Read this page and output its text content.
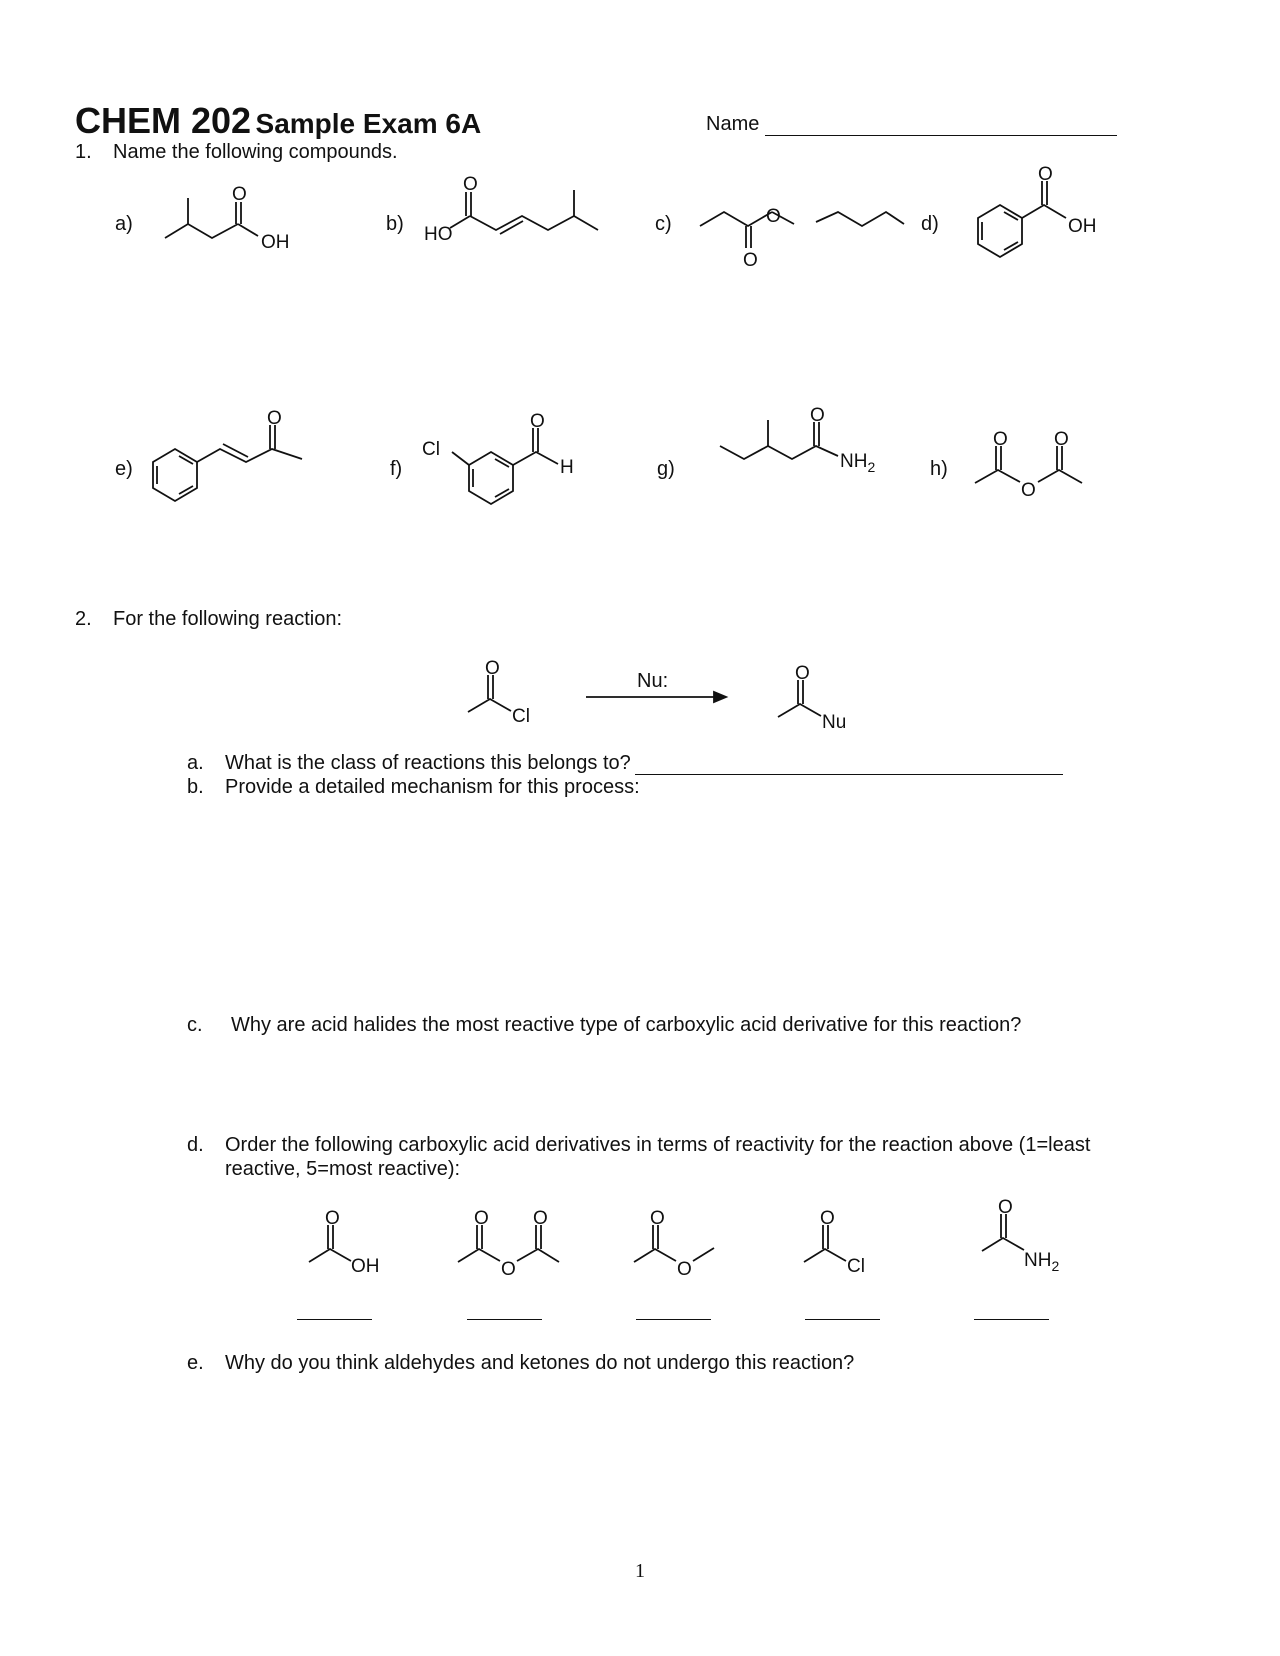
CHEM 202 Sample Exam 6A	Name
1. Name the following compounds.
a)	b)	c)	d)
e)	f)	g)	h)
O
OH	HO
O
O
O
O
OH
O
Cl
O
H
O
$NH_2$
O O
O
2. For the following reaction:
O
Cl
Nu:	O
Nu
a. What is the class of reactions this belongs to?
b. Provide a detailed mechanism for this process:
c. Why are acid halides the most reactive type of carboxylic acid derivative for this reaction?
d. Order the following carboxylic acid derivatives in terms of reactivity for the reaction above (1=least
reactive, 5=most reactive):
O
OH
O O
O
O
O
O
Cl
O
$NH_2$
e. Why do you think aldehydes and ketones do not undergo this reaction?
1
